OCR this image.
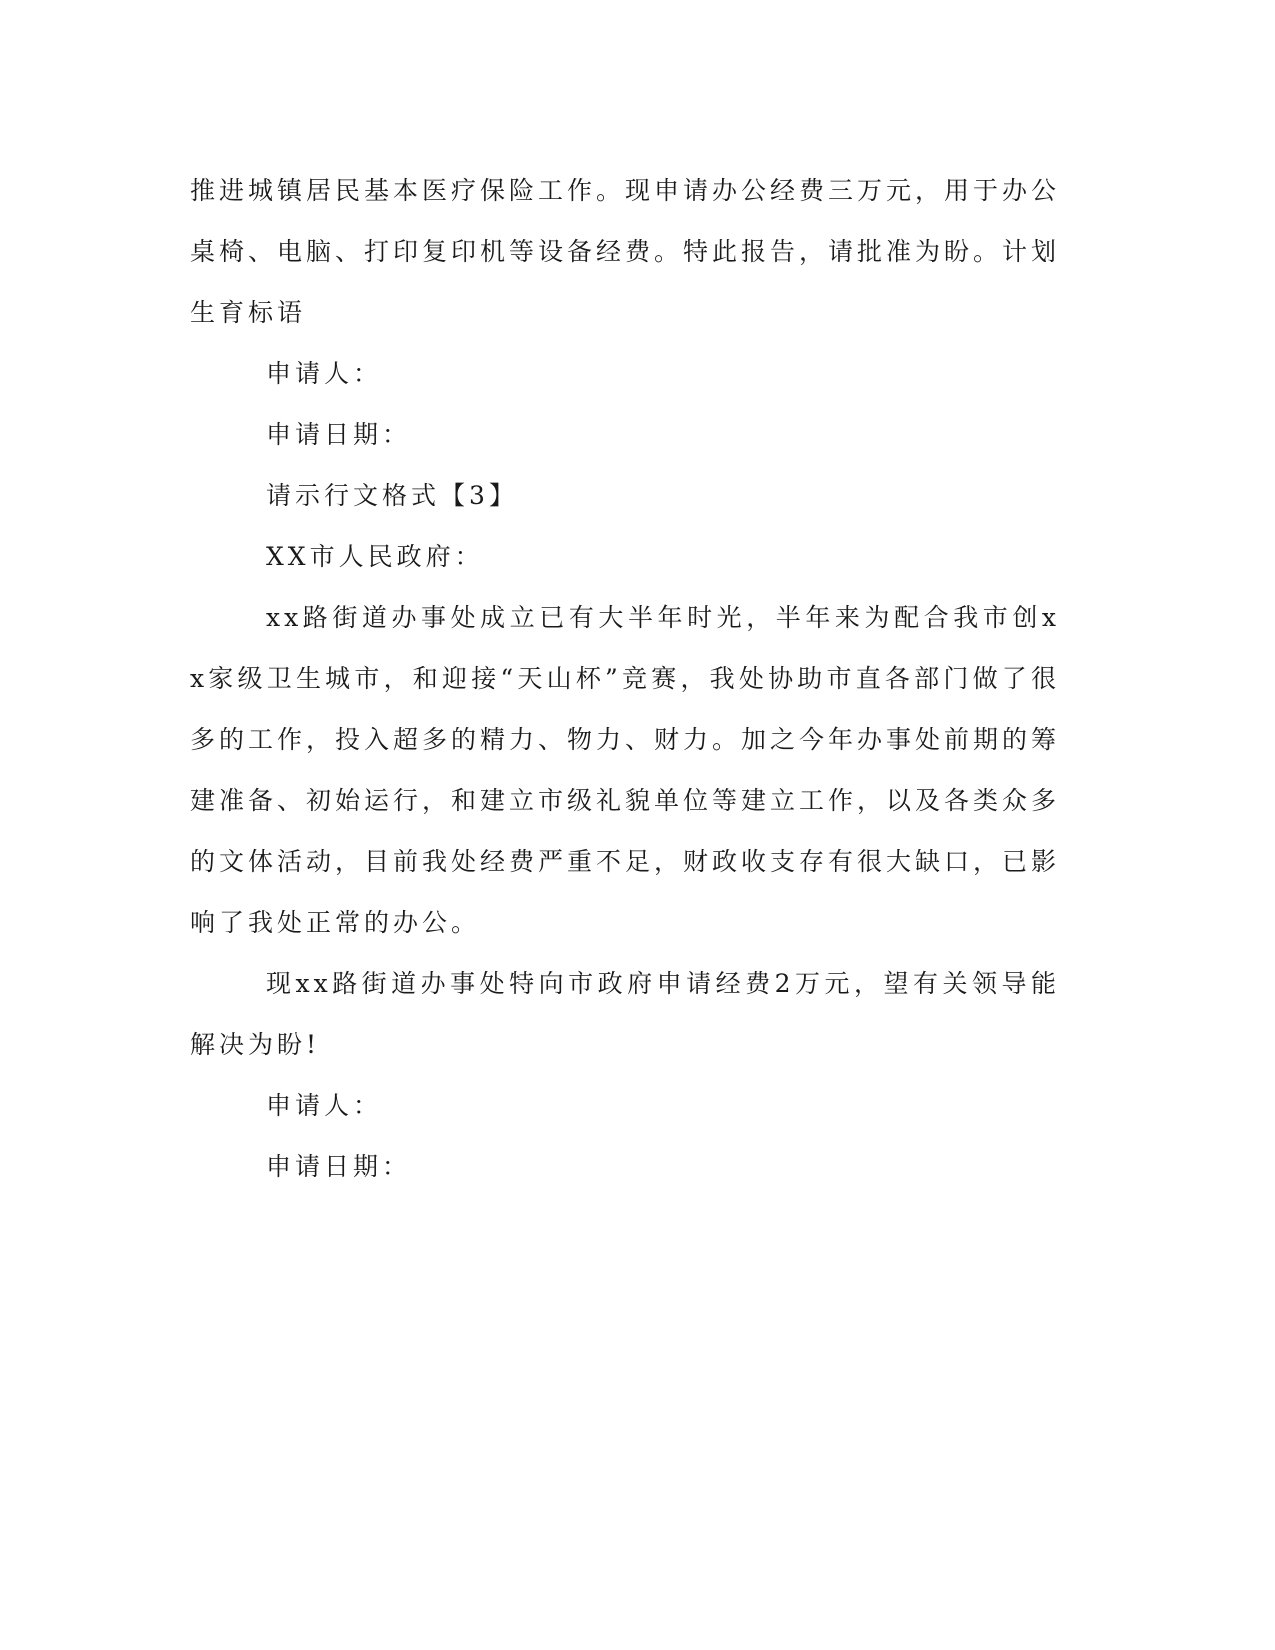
推进城镇居民基本医疗保险工作。现申请办公经费三万元，用于办公桌椅、电脑、打印复印机等设备经费。特此报告，请批准为盼。计划生育标语

申请人：

申请日期：

请示行文格式【3】

XX市人民政府：

xx路街道办事处成立已有大半年时光，半年来为配合我市创xx家级卫生城市，和迎接“天山杯”竞赛，我处协助市直各部门做了很多的工作，投入超多的精力、物力、财力。加之今年办事处前期的筹建准备、初始运行，和建立市级礼貌单位等建立工作，以及各类众多的文体活动，目前我处经费严重不足，财政收支存有很大缺口，已影响了我处正常的办公。

现xx路街道办事处特向市政府申请经费2万元，望有关领导能解决为盼!

申请人：

申请日期：
